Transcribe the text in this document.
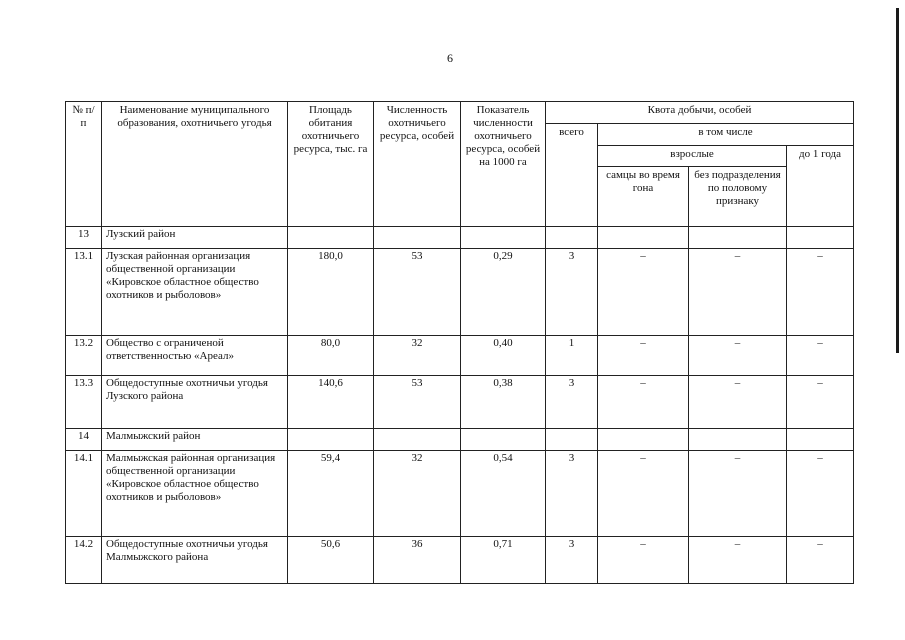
6
№ п/п	Наименование муниципального образования, охотничьего угодья	Площадь обитания охотничьего ресурса, тыс. га	Численность охотничьего ресурса, особей	Показатель численности охотничьего ресурса, особей на 1000 га	Квота добычи, особей			
					всего	в том числе		
						взрослые		до 1 года
						самцы во время гона	без подразделения по половому признаку	
13	Лузский район							
13.1	Лузская районная организация общественной организации «Кировское областное общество охотников и рыболовов»	180,0	53	0,29	3	–	–	–
13.2	Общество с ограниченой ответственностью «Ареал»	80,0	32	0,40	1	–	–	–
13.3	Общедоступные охотничьи угодья Лузского района	140,6	53	0,38	3	–	–	–
14	Малмыжский район							
14.1	Малмыжская районная организация общественной организации «Кировское областное общество охотников и рыболовов»	59,4	32	0,54	3	–	–	–
14.2	Общедоступные охотничьи угодья Малмыжского района	50,6	36	0,71	3	–	–	–
